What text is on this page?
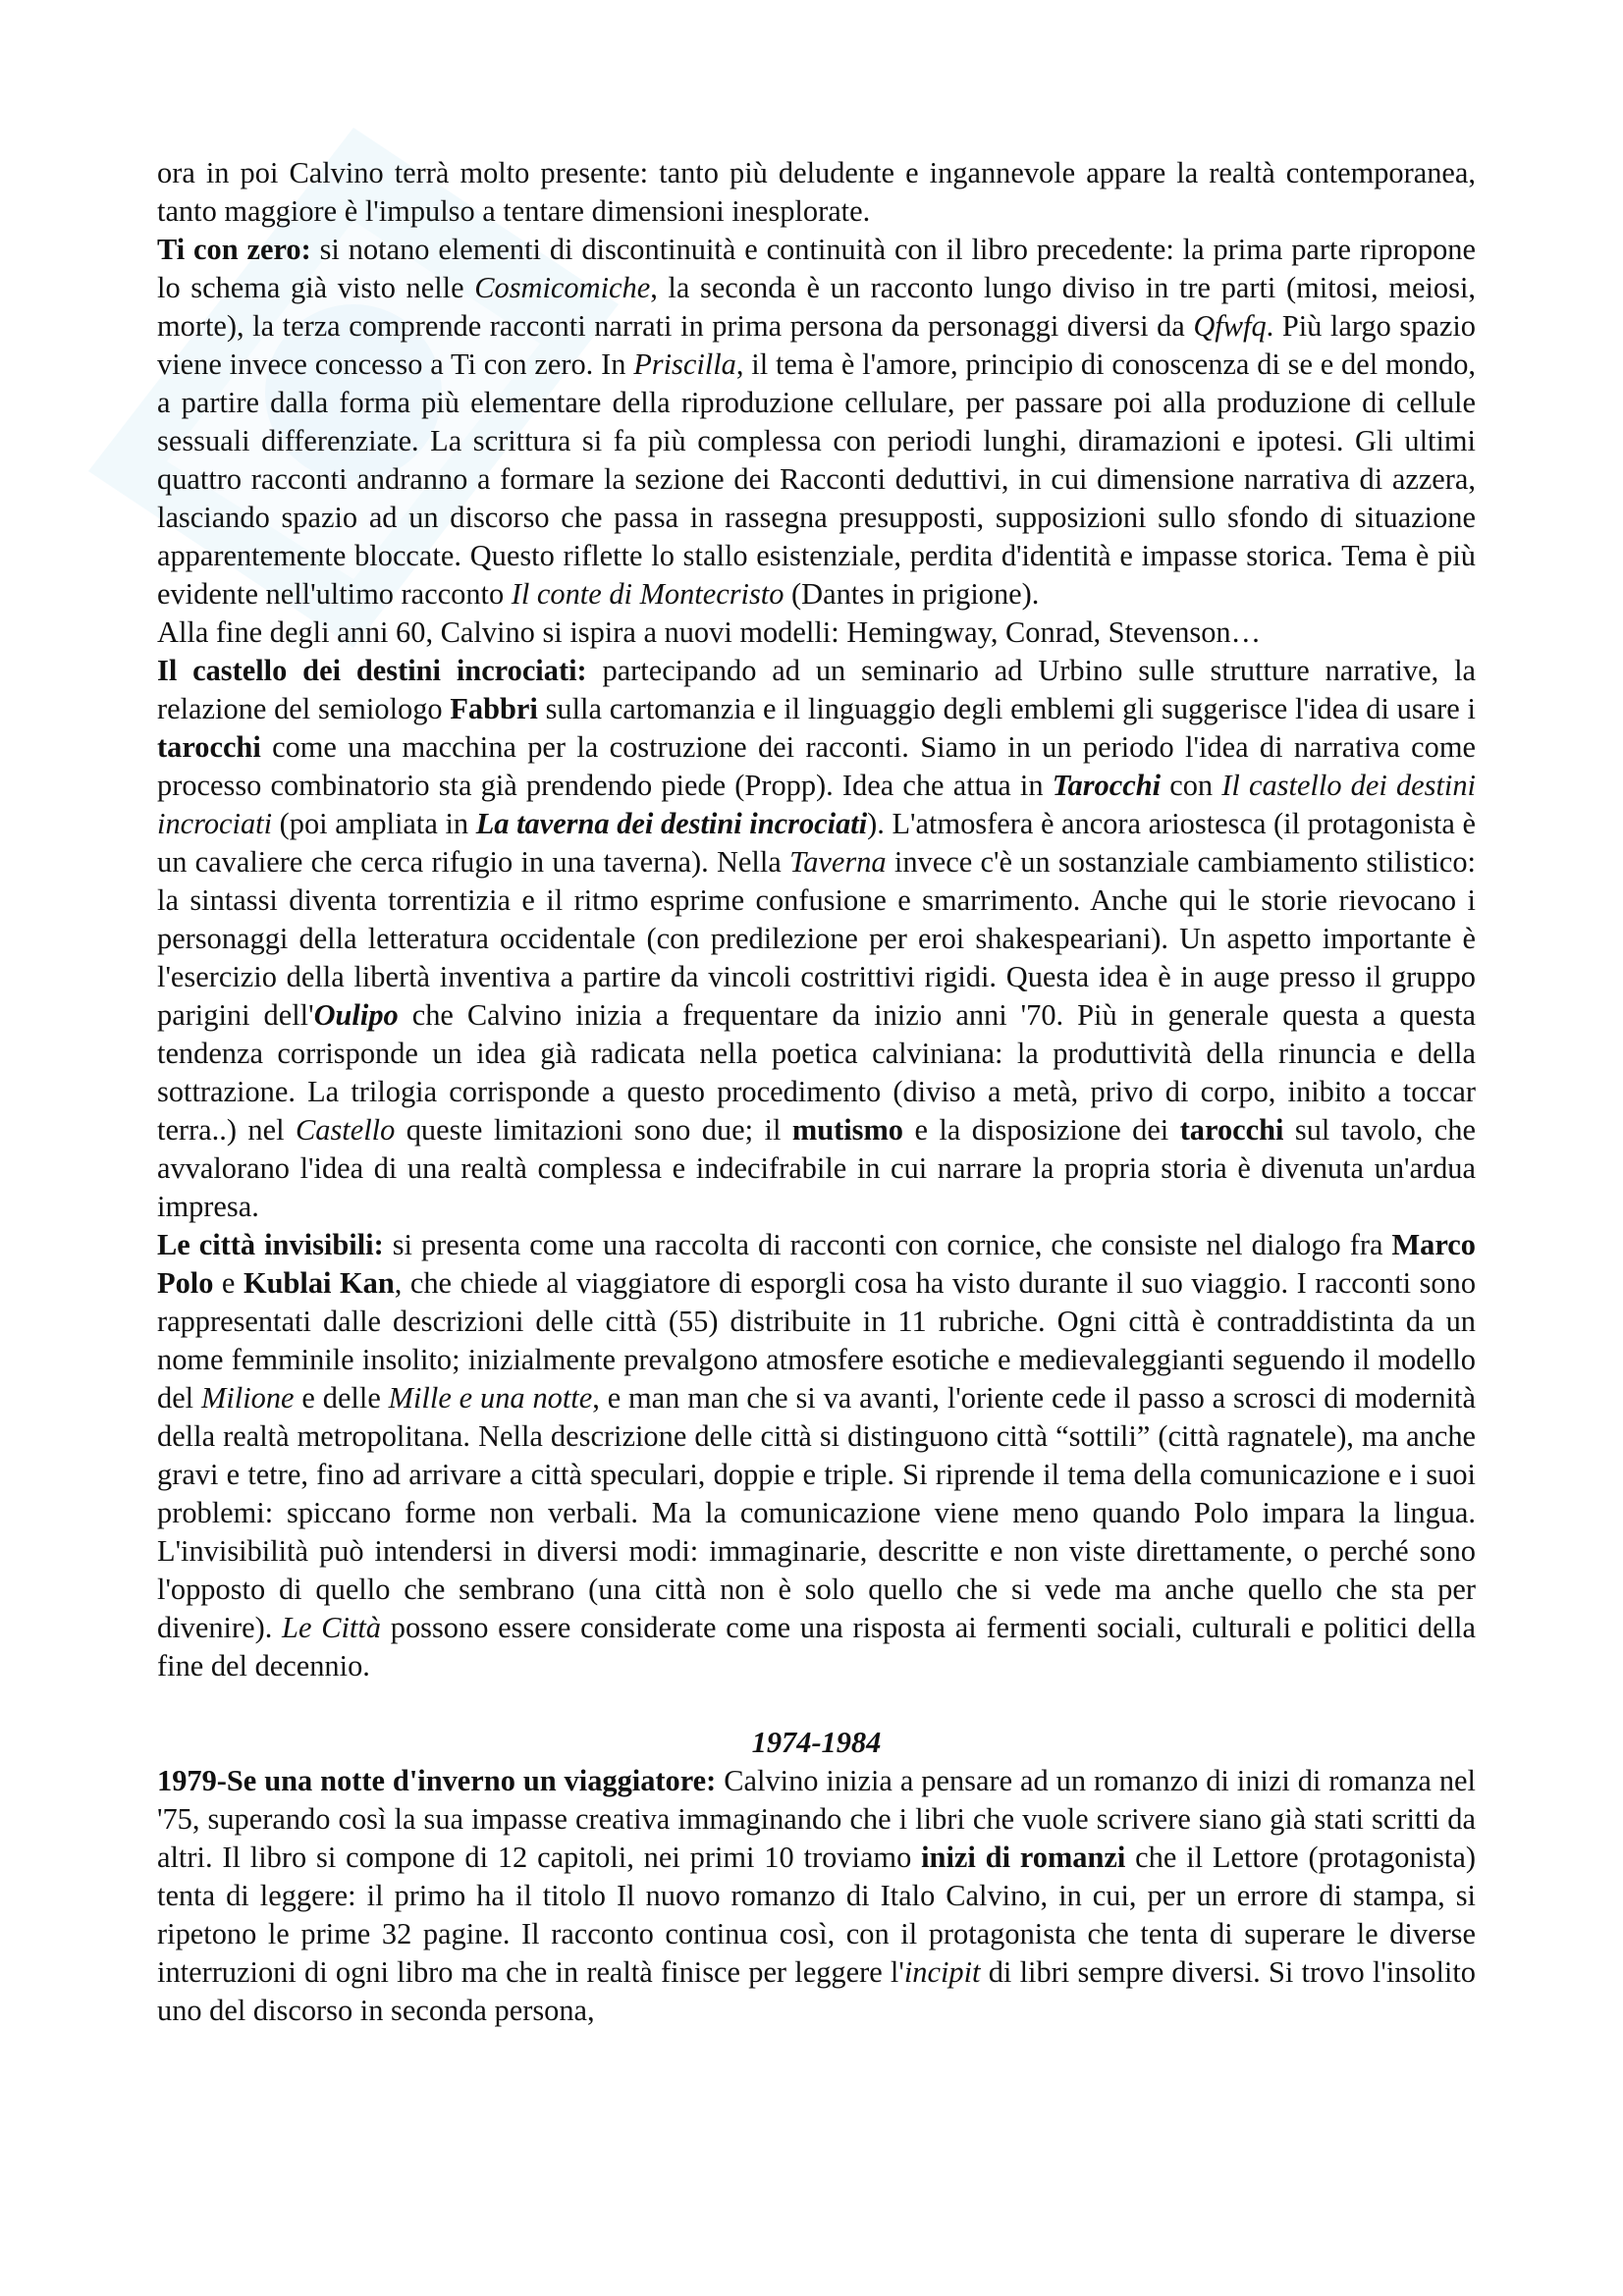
ora in poi Calvino terrà molto presente: tanto più deludente e ingannevole appare la realtà contemporanea, tanto maggiore è l'impulso a tentare dimensioni inesplorate.

Ti con zero: si notano elementi di discontinuità e continuità con il libro precedente: la prima parte ripropone lo schema già visto nelle Cosmicomiche, la seconda è un racconto lungo diviso in tre parti (mitosi, meiosi, morte), la terza comprende racconti narrati in prima persona da personaggi diversi da Qfwfq. Più largo spazio viene invece concesso a Ti con zero. In Priscilla, il tema è l'amore, principio di conoscenza di se e del mondo, a partire dalla forma più elementare della riproduzione cellulare, per passare poi alla produzione di cellule sessuali differenziate. La scrittura si fa più complessa con periodi lunghi, diramazioni e ipotesi. Gli ultimi quattro racconti andranno a formare la sezione dei Racconti deduttivi, in cui dimensione narrativa di azzera, lasciando spazio ad un discorso che passa in rassegna presupposti, supposizioni sullo sfondo di situazione apparentemente bloccate. Questo riflette lo stallo esistenziale, perdita d'identità e impasse storica. Tema è più evidente nell'ultimo racconto Il conte di Montecristo (Dantes in prigione).

Alla fine degli anni 60, Calvino si ispira a nuovi modelli: Hemingway, Conrad, Stevenson…

Il castello dei destini incrociati: partecipando ad un seminario ad Urbino sulle strutture narrative, la relazione del semiologo Fabbri sulla cartomanzia e il linguaggio degli emblemi gli suggerisce l'idea di usare i tarocchi come una macchina per la costruzione dei racconti. Siamo in un periodo l'idea di narrativa come processo combinatorio sta già prendendo piede (Propp). Idea che attua in Tarocchi con Il castello dei destini incrociati (poi ampliata in La taverna dei destini incrociati). L'atmosfera è ancora ariostesca (il protagonista è un cavaliere che cerca rifugio in una taverna). Nella Taverna invece c'è un sostanziale cambiamento stilistico: la sintassi diventa torrentizia e il ritmo esprime confusione e smarrimento. Anche qui le storie rievocano i personaggi della letteratura occidentale (con predilezione per eroi shakespeariani). Un aspetto importante è l'esercizio della libertà inventiva a partire da vincoli costrittivi rigidi. Questa idea è in auge presso il gruppo parigini dell'Oulipo che Calvino inizia a frequentare da inizio anni '70. Più in generale questa a questa tendenza corrisponde un idea già radicata nella poetica calviniana: la produttività della rinuncia e della sottrazione. La trilogia corrisponde a questo procedimento (diviso a metà, privo di corpo, inibito a toccar terra..) nel Castello queste limitazioni sono due; il mutismo e la disposizione dei tarocchi sul tavolo, che avvalorano l'idea di una realtà complessa e indecifrabile in cui narrare la propria storia è divenuta un'ardua impresa.

Le città invisibili: si presenta come una raccolta di racconti con cornice, che consiste nel dialogo fra Marco Polo e Kublai Kan, che chiede al viaggiatore di esporgli cosa ha visto durante il suo viaggio. I racconti sono rappresentati dalle descrizioni delle città (55) distribuite in 11 rubriche. Ogni città è contraddistinta da un nome femminile insolito; inizialmente prevalgono atmosfere esotiche e medievaleggianti seguendo il modello del Milione e delle Mille e una notte, e man man che si va avanti, l'oriente cede il passo a scrosci di modernità della realtà metropolitana. Nella descrizione delle città si distinguono città “sottili” (città ragnatele), ma anche gravi e tetre, fino ad arrivare a città speculari, doppie e triple. Si riprende il tema della comunicazione e i suoi problemi: spiccano forme non verbali. Ma la comunicazione viene meno quando Polo impara la lingua. L'invisibilità può intendersi in diversi modi: immaginarie, descritte e non viste direttamente, o perché sono l'opposto di quello che sembrano (una città non è solo quello che si vede ma anche quello che sta per divenire). Le Città possono essere considerate come una risposta ai fermenti sociali, culturali e politici della fine del decennio.

1974-1984

1979-Se una notte d'inverno un viaggiatore: Calvino inizia a pensare ad un romanzo di inizi di romanza nel '75, superando così la sua impasse creativa immaginando che i libri che vuole scrivere siano già stati scritti da altri. Il libro si compone di 12 capitoli, nei primi 10 troviamo inizi di romanzi che il Lettore (protagonista) tenta di leggere: il primo ha il titolo Il nuovo romanzo di Italo Calvino, in cui, per un errore di stampa, si ripetono le prime 32 pagine. Il racconto continua così, con il protagonista che tenta di superare le diverse interruzioni di ogni libro ma che in realtà finisce per leggere l'incipit di libri sempre diversi. Si trovo l'insolito uno del discorso in seconda persona,
